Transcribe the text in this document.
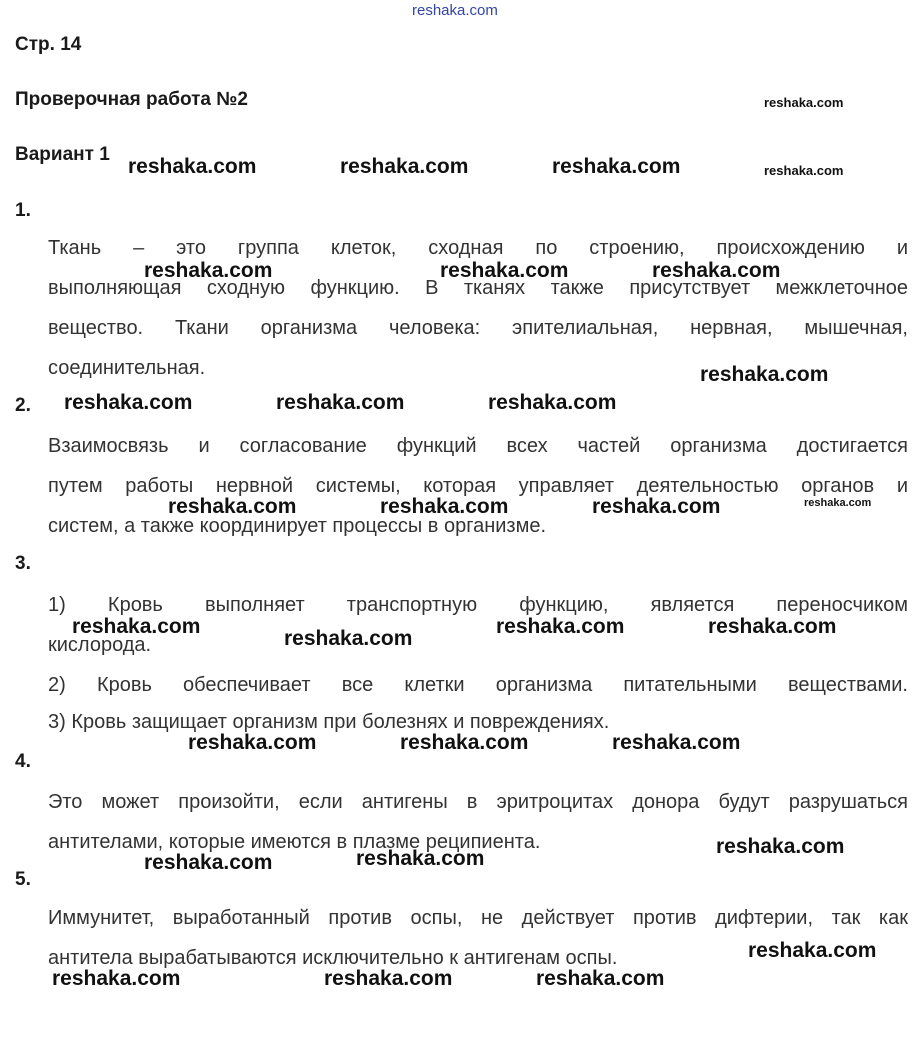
reshaka.com
Стр. 14
Проверочная работа №2
Вариант 1
1.
Ткань – это группа клеток, сходная по строению, происхождению и
выполняющая сходную функцию. В тканях также присутствует межклеточное
вещество. Ткани организма человека: эпителиальная, нервная, мышечная,
соединительная.
2.
Взаимосвязь и согласование функций всех частей организма достигается
путем работы нервной системы, которая управляет деятельностью органов и
систем, а также координирует процессы в организме.
3.
1) Кровь выполняет транспортную функцию, является переносчиком
кислорода.
2) Кровь обеспечивает все клетки организма питательными веществами.
3) Кровь защищает организм при болезнях и повреждениях.
4.
Это может произойти, если антигены в эритроцитах донора будут разрушаться
антителами, которые имеются в плазме реципиента.
5.
Иммунитет, выработанный против оспы, не действует против дифтерии, так как
антитела вырабатываются исключительно к антигенам оспы.
reshaka.com
reshaka.com	reshaka.com	reshaka.com	reshaka.com
reshaka.com	reshaka.com	reshaka.com
reshaka.com
reshaka.com	reshaka.com	reshaka.com
reshaka.com	reshaka.com	reshaka.com	reshaka.com
reshaka.com
reshaka.com
reshaka.com	reshaka.com
reshaka.com	reshaka.com	reshaka.com
reshaka.com
reshaka.com	reshaka.com
reshaka.com
reshaka.com	reshaka.com	reshaka.com
